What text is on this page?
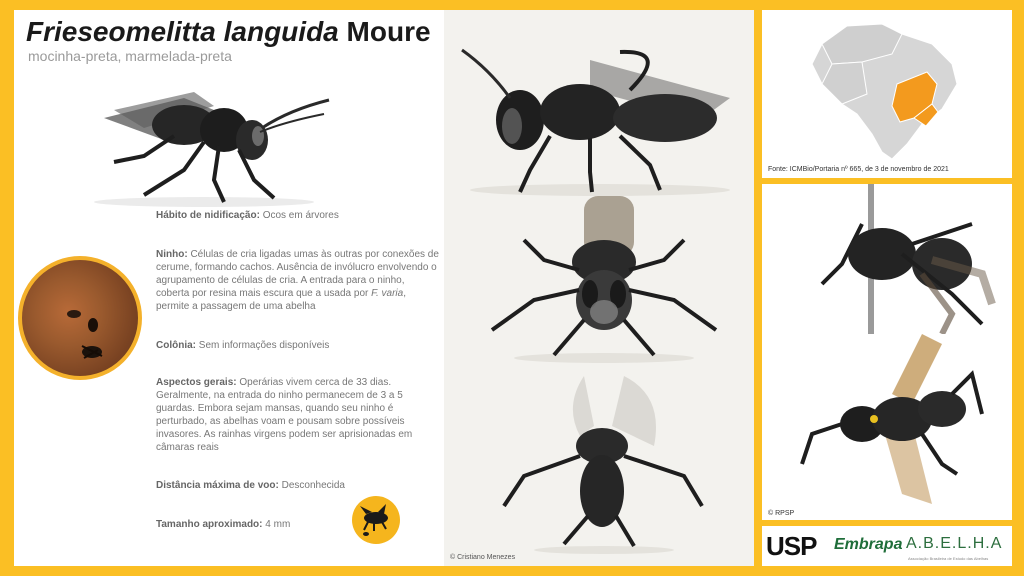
Frieseomelitta languida Moure
mocinha-preta, marmelada-preta
Hábito de nidificação: Ocos em árvores
Ninho: Células de cria ligadas umas às outras por conexões de cerume, formando cachos. Ausência de invólucro envolvendo o agrupamento de células de cria. A entrada para o ninho, coberta por resina mais escura que a usada por F. varia, permite a passagem de uma abelha
Colônia: Sem informações disponíveis
Aspectos gerais: Operárias vivem cerca de 33 dias. Geralmente, na entrada do ninho permanecem de 3 a 5 guardas. Embora sejam mansas, quando seu ninho é perturbado, as abelhas voam e pousam sobre possíveis invasores. As rainhas virgens podem ser aprisionadas em câmaras reais
Distância máxima de voo: Desconhecida
Tamanho aproximado: 4 mm
© Cristiano Menezes
Fonte: ICMBio/Portaria nº 665, de 3 de novembro de 2021
© RPSP
USP Embrapa A.B.E.L.H.A
Associação Brasileira de Estudo das Abelhas
